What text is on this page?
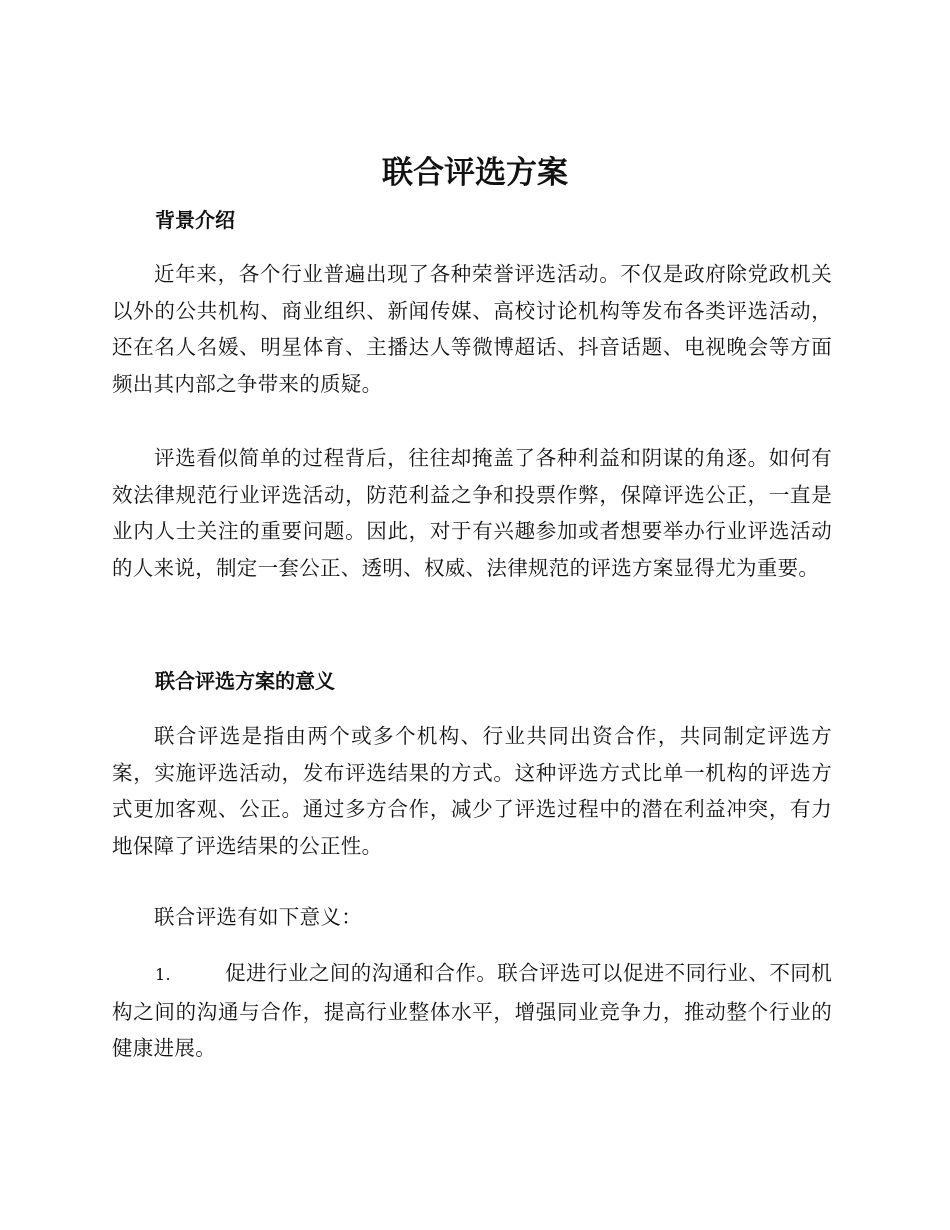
联合评选方案
背景介绍

近年来，各个行业普遍出现了各种荣誉评选活动。不仅是政府除党政机关以外的公共机构、商业组织、新闻传媒、高校讨论机构等发布各类评选活动，还在名人名媛、明星体育、主播达人等微博超话、抖音话题、电视晚会等方面频出其内部之争带来的质疑。

评选看似简单的过程背后，往往却掩盖了各种利益和阴谋的角逐。如何有效法律规范行业评选活动，防范利益之争和投票作弊，保障评选公正，一直是业内人士关注的重要问题。因此，对于有兴趣参加或者想要举办行业评选活动的人来说，制定一套公正、透明、权威、法律规范的评选方案显得尤为重要。

联合评选方案的意义

联合评选是指由两个或多个机构、行业共同出资合作，共同制定评选方案，实施评选活动，发布评选结果的方式。这种评选方式比单一机构的评选方式更加客观、公正。通过多方合作，减少了评选过程中的潜在利益冲突，有力地保障了评选结果的公正性。

联合评选有如下意义：

1.	促进行业之间的沟通和合作。联合评选可以促进不同行业、不同机构之间的沟通与合作，提高行业整体水平，增强同业竞争力，推动整个行业的健康进展。
